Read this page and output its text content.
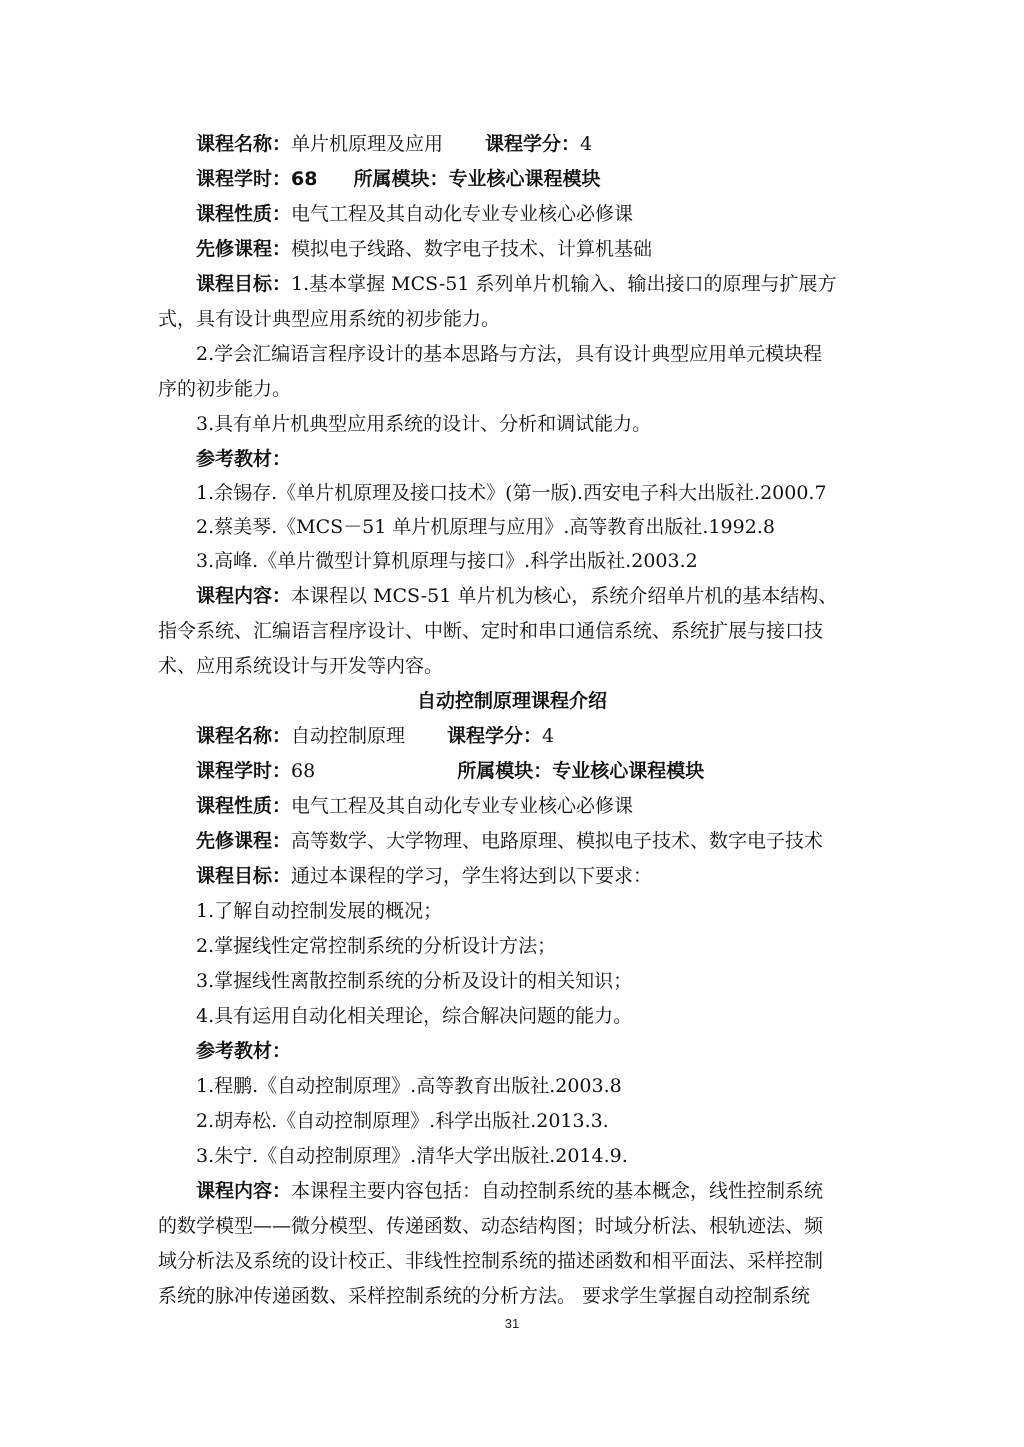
课程名称：单片机原理及应用 课程学分：4
课程学时：68 所属模块：专业核心课程模块
课程性质：电气工程及其自动化专业专业核心必修课
先修课程：模拟电子线路、数字电子技术、计算机基础
课程目标：1.基本掌握 MCS-51 系列单片机输入、输出接口的原理与扩展方
式，具有设计典型应用系统的初步能力。
2.学会汇编语言程序设计的基本思路与方法，具有设计典型应用单元模块程
序的初步能力。
3.具有单片机典型应用系统的设计、分析和调试能力。
参考教材：
1.余锡存.《单片机原理及接口技术》(第一版).西安电子科大出版社.2000.7
2.蔡美琴.《MCS－51 单片机原理与应用》.高等教育出版社.1992.8
3.高峰.《单片微型计算机原理与接口》.科学出版社.2003.2
课程内容：本课程以 MCS-51 单片机为核心，系统介绍单片机的基本结构、
指令系统、汇编语言程序设计、中断、定时和串口通信系统、系统扩展与接口技
术、应用系统设计与开发等内容。
自动控制原理课程介绍
课程名称：自动控制原理 课程学分：4
课程学时：68	所属模块：专业核心课程模块
课程性质：电气工程及其自动化专业专业核心必修课
先修课程：高等数学、大学物理、电路原理、模拟电子技术、数字电子技术
课程目标：通过本课程的学习，学生将达到以下要求：
1.了解自动控制发展的概况；
2.掌握线性定常控制系统的分析设计方法；
3.掌握线性离散控制系统的分析及设计的相关知识；
4.具有运用自动化相关理论，综合解决问题的能力。
参考教材：
1.程鹏.《自动控制原理》.高等教育出版社.2003.8
2.胡寿松.《自动控制原理》.科学出版社.2013.3.
3.朱宁.《自动控制原理》.清华大学出版社.2014.9.
课程内容：本课程主要内容包括：自动控制系统的基本概念，线性控制系统
的数学模型——微分模型、传递函数、动态结构图；时域分析法、根轨迹法、频
域分析法及系统的设计校正、非线性控制系统的描述函数和相平面法、采样控制
系统的脉冲传递函数、采样控制系统的分析方法。 要求学生掌握自动控制系统
31
